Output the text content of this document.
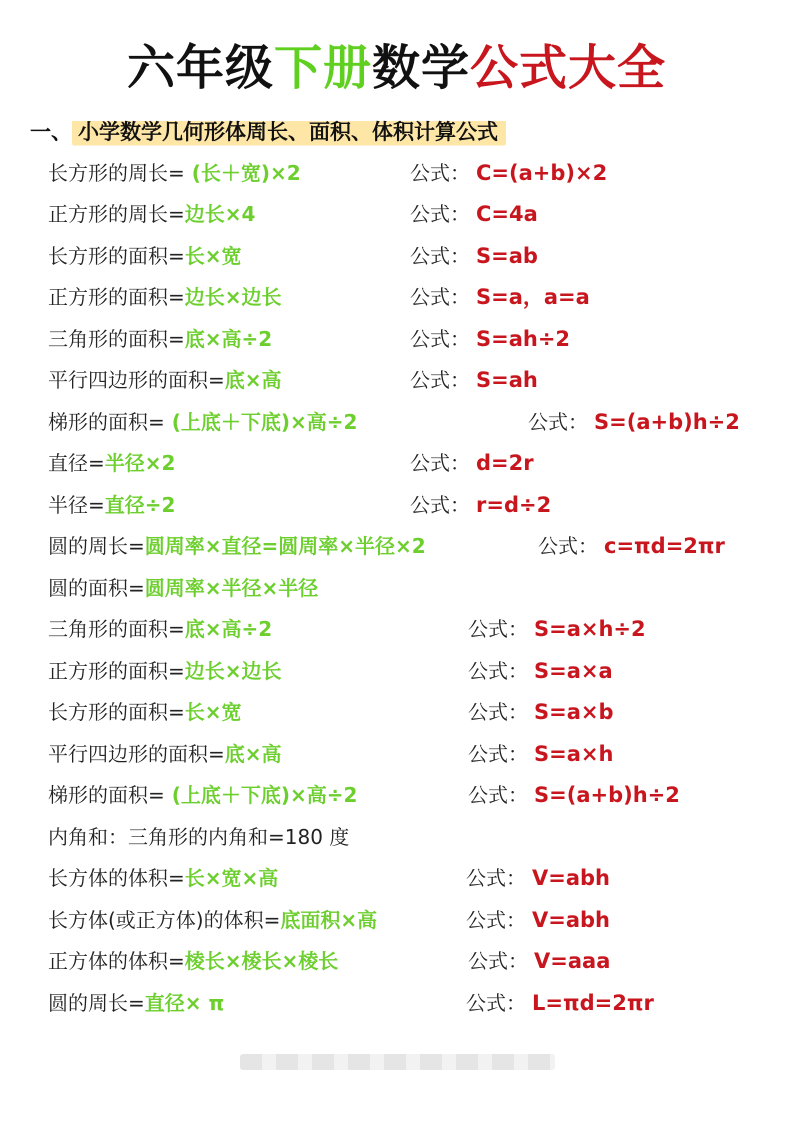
六年级下册数学公式大全
一、 小学数学几何形体周长、面积、体积计算公式
长方形的周长= (长＋宽)×2	公式： C=(a+b)×2
正方形的周长=边长×4	公式： C=4a
长方形的面积=长×宽	公式： S=ab
正方形的面积=边长×边长	公式： S=a，a=a
三角形的面积=底×高÷2	公式： S=ah÷2
平行四边形的面积=底×高	公式： S=ah
梯形的面积= (上底＋下底)×高÷2	公式： S=(a+b)h÷2
直径=半径×2	公式： d=2r
半径=直径÷2	公式： r=d÷2
圆的周长=圆周率×直径=圆周率×半径×2	公式： c=πd=2πr
圆的面积=圆周率×半径×半径
三角形的面积=底×高÷2	公式： S=a×h÷2
正方形的面积=边长×边长	公式： S=a×a
长方形的面积=长×宽	公式： S=a×b
平行四边形的面积=底×高	公式： S=a×h
梯形的面积= (上底＋下底)×高÷2	公式： S=(a+b)h÷2
内角和：三角形的内角和=180 度
长方体的体积=长×宽×高	公式： V=abh
长方体(或正方体)的体积=底面积×高	公式： V=abh
正方体的体积=棱长×棱长×棱长	公式： V=aaa
圆的周长=直径× π	公式： L=πd=2πr
